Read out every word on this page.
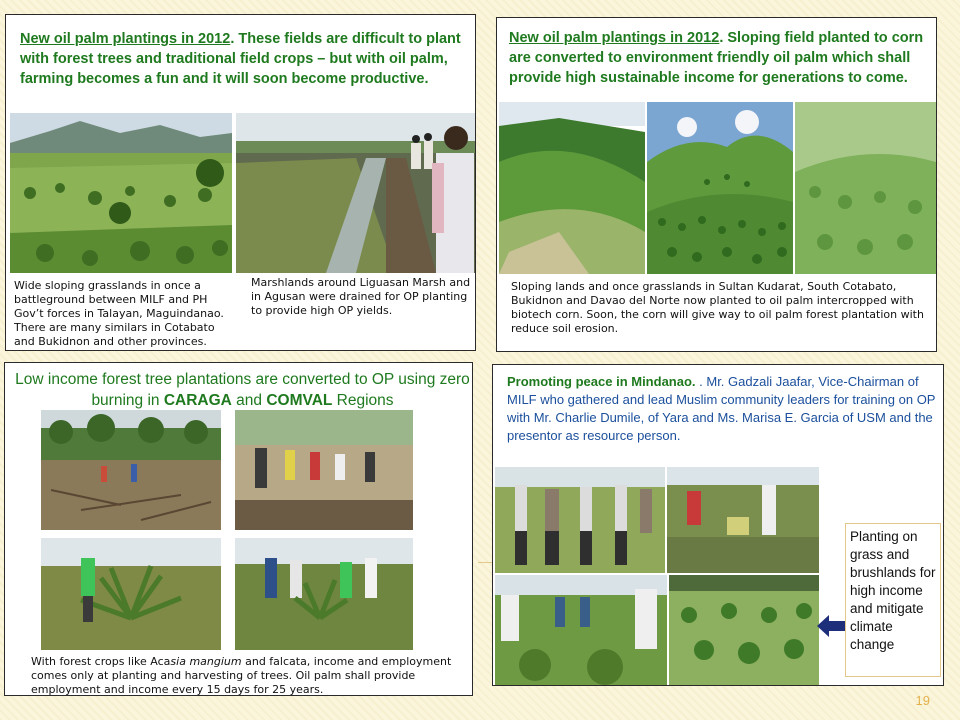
New oil palm plantings in 2012. These fields are difficult to plant with forest trees and traditional field crops – but with oil palm, farming becomes a fun and it will soon become productive.
Wide sloping grasslands in once a battleground between MILF and PH Gov’t forces in Talayan, Maguindanao. There are many similars in Cotabato and Bukidnon and other provinces.
Marshlands around Liguasan Marsh and in Agusan were drained for OP planting to provide high OP yields.
New oil palm plantings in 2012. Sloping field planted to corn are converted to environment friendly oil palm which shall provide high sustainable income for generations to come.
Sloping lands and once grasslands in Sultan Kudarat, South Cotabato, Bukidnon and Davao del Norte now planted to oil palm intercropped with biotech corn. Soon, the corn will give way to oil palm forest plantation with reduce soil erosion.
Low income forest tree plantations are converted to OP using zero burning in CARAGA and COMVAL Regions
With forest crops like Acasia mangium and falcata, income and employment comes only at planting and harvesting of trees. Oil palm shall provide employment and income every 15 days for 25 years.
Promoting peace in Mindanao. . Mr. Gadzali Jaafar, Vice-Chairman of MILF who gathered and lead Muslim community leaders for training on OP with Mr. Charlie Dumile, of Yara and Ms. Marisa E. Garcia of USM and the presentor as resource person.
Planting on grass and brushlands for high income and mitigate climate change
19
